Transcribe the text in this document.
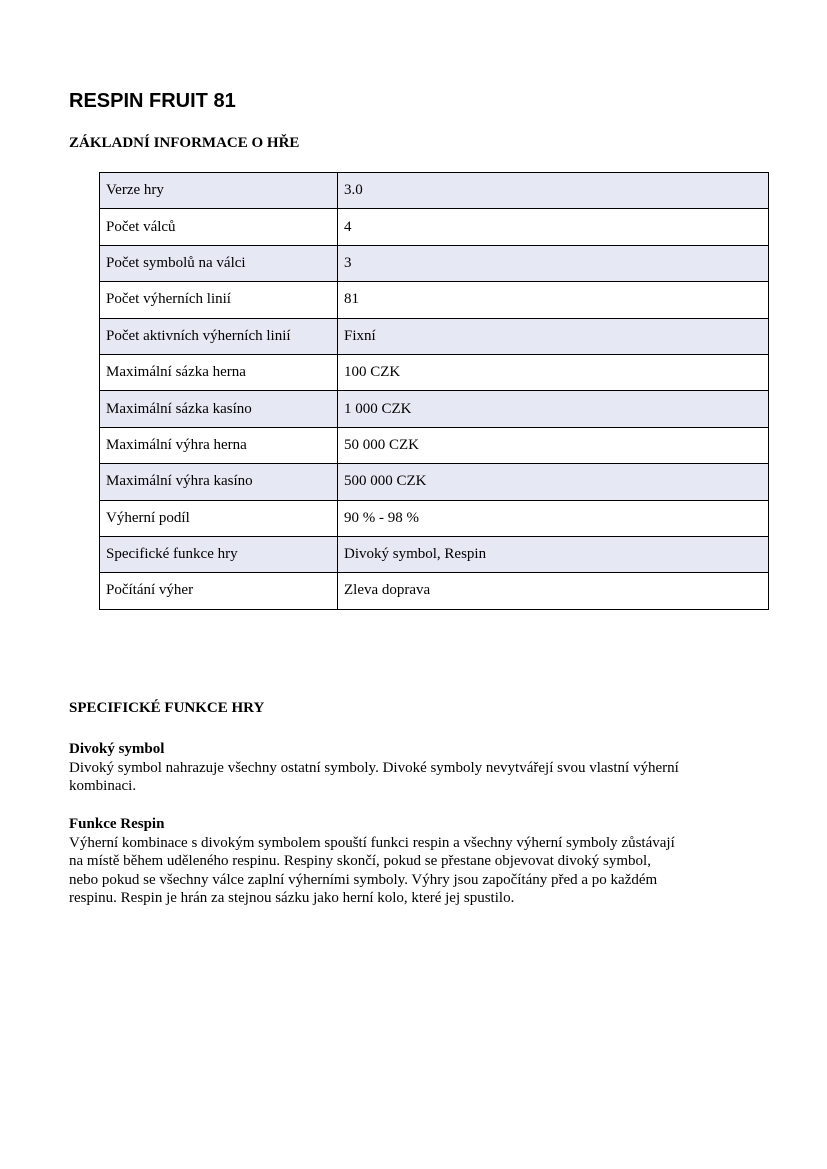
RESPIN FRUIT 81
ZÁKLADNÍ INFORMACE O HŘE
Verze hry	3.0
Počet válců	4
Počet symbolů na válci	3
Počet výherních linií	81
Počet aktivních výherních linií	Fixní
Maximální sázka herna	100 CZK
Maximální sázka kasíno	1 000 CZK
Maximální výhra herna	50 000 CZK
Maximální výhra kasíno	500 000 CZK
Výherní podíl	90 % - 98 %
Specifické funkce hry	Divoký symbol, Respin
Počítání výher	Zleva doprava
SPECIFICKÉ FUNKCE HRY
Divoký symbol
Divoký symbol nahrazuje všechny ostatní symboly. Divoké symboly nevytvářejí svou vlastní výherní
kombinaci.
Funkce Respin
Výherní kombinace s divokým symbolem spouští funkci respin a všechny výherní symboly zůstávají
na místě během uděleného respinu. Respiny skončí, pokud se přestane objevovat divoký symbol,
nebo pokud se všechny válce zaplní výherními symboly. Výhry jsou započítány před a po každém
respinu. Respin je hrán za stejnou sázku jako herní kolo, které jej spustilo.
